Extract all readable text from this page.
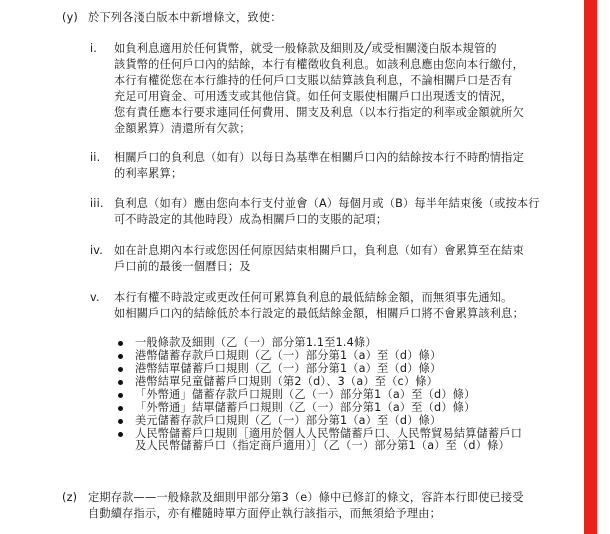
(y) 於下列各淺白版本中新增條文，致使：
i. 如負利息適用於任何貨幣，就受一般條款及細則及╱或受相關淺白版本規管的
該貨幣的任何戶口內的結餘，本行有權徵收負利息。如該利息應由您向本行繳付，
本行有權從您在本行維持的任何戶口支賬以結算該負利息，不論相關戶口是否有
充足可用資金、可用透支或其他信貸。如任何支賬使相關戶口出現透支的情況，
您有責任應本行要求連同任何費用、開支及利息（以本行指定的利率或金額就所欠
金額累算）清還所有欠款；
ii. 相關戶口的負利息（如有）以每日為基準在相關戶口內的結餘按本行不時酌情指定
的利率累算；
iii. 負利息（如有）應由您向本行支付並會（A）每個月或（B）每半年結束後（或按本行
可不時設定的其他時段）成為相關戶口的支賬的記項；
iv. 如在計息期內本行或您因任何原因結束相關戶口，負利息（如有）會累算至在結束
戶口前的最後一個曆日；及
v. 本行有權不時設定或更改任何可累算負利息的最低結餘金額，而無須事先通知。
如相關戶口內的結餘低於本行設定的最低結餘金額，相關戶口將不會累算該利息；
一般條款及細則（乙（一）部分第1.1至1.4條）
港幣儲蓄存款戶口規則（乙（一）部分第1（a）至（d）條）
港幣結單儲蓄戶口規則（乙（一）部分第1（a）至（d）條）
港幣結單兒童儲蓄戶口規則（第2（d）、3（a）至（c）條）
「外幣通」儲蓄存款戶口規則（乙（一）部分第1（a）至（d）條）
「外幣通」結單儲蓄戶口規則（乙（一）部分第1（a）至（d）條）
美元儲蓄存款戶口規則（乙（一）部分第1（a）至（d）條）
人民幣儲蓄戶口規則［適用於個人人民幣儲蓄戶口、人民幣貿易結算儲蓄戶口
及人民幣儲蓄戶口（指定商戶適用）］（乙（一）部分第1（a）至（d）條）
(z) 定期存款——一般條款及細則甲部分第3（e）條中已修訂的條文，容許本行即使已接受
自動續存指示，亦有權隨時單方面停止執行該指示，而無須給予理由；
